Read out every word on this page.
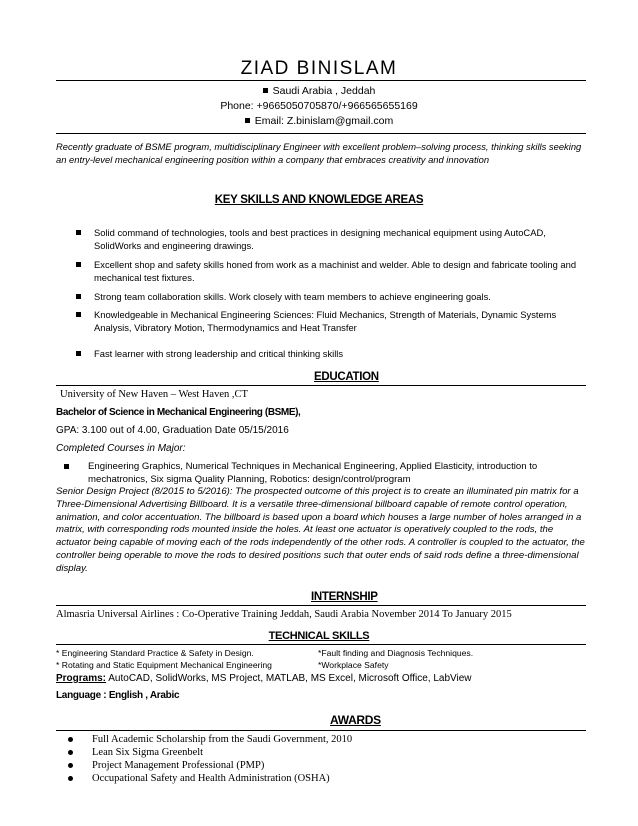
ZIAD BINISLAM
Saudi Arabia , Jeddah
Phone: +9665050705870/+966565655169
Email: Z.binislam@gmail.com
Recently graduate of BSME program, multidisciplinary Engineer with excellent problem–solving process, thinking skills seeking an entry-level mechanical engineering position within a company that embraces creativity and innovation
KEY SKILLS AND KNOWLEDGE AREAS
Solid command of technologies, tools and best practices in designing mechanical equipment using AutoCAD, SolidWorks and engineering drawings.
Excellent shop and safety skills honed from work as a machinist and welder. Able to design and fabricate tooling and mechanical test fixtures.
Strong team collaboration skills. Work closely with team members to achieve engineering goals.
Knowledgeable in Mechanical Engineering Sciences: Fluid Mechanics, Strength of Materials, Dynamic Systems Analysis, Vibratory Motion, Thermodynamics and Heat Transfer
Fast learner with strong leadership and critical thinking skills
EDUCATION
University of New Haven – West Haven ,CT
Bachelor of Science in Mechanical Engineering (BSME),
GPA: 3.100 out of 4.00, Graduation Date 05/15/2016
Completed Courses in Major:
Engineering Graphics, Numerical Techniques in Mechanical Engineering, Applied Elasticity, introduction to mechatronics, Six sigma Quality Planning, Robotics: design/control/program
Senior Design Project (8/2015 to 5/2016): The prospected outcome of this project is to create an illuminated pin matrix for a Three-Dimensional Advertising Billboard. It is a versatile three-dimensional billboard capable of remote control operation, animation, and color accentuation. The billboard is based upon a board which houses a large number of holes arranged in a matrix, with corresponding rods mounted inside the holes. At least one actuator is operatively coupled to the rods, the actuator being capable of moving each of the rods independently of the other rods. A controller is coupled to the actuator, the controller being operable to move the rods to desired positions such that outer ends of said rods define a three-dimensional display.
INTERNSHIP
Almasria Universal Airlines : Co-Operative Training Jeddah, Saudi Arabia November 2014 To January 2015
TECHNICAL SKILLS
* Engineering Standard Practice & Safety in Design.
* Rotating and Static Equipment Mechanical Engineering
*Fault finding and Diagnosis Techniques.
*Workplace Safety
Programs: AutoCAD, SolidWorks, MS Project, MATLAB, MS Excel, Microsoft Office, LabView
Language : English , Arabic
AWARDS
Full Academic Scholarship from the Saudi Government, 2010
Lean Six Sigma Greenbelt
Project Management Professional (PMP)
Occupational Safety and Health Administration (OSHA)
